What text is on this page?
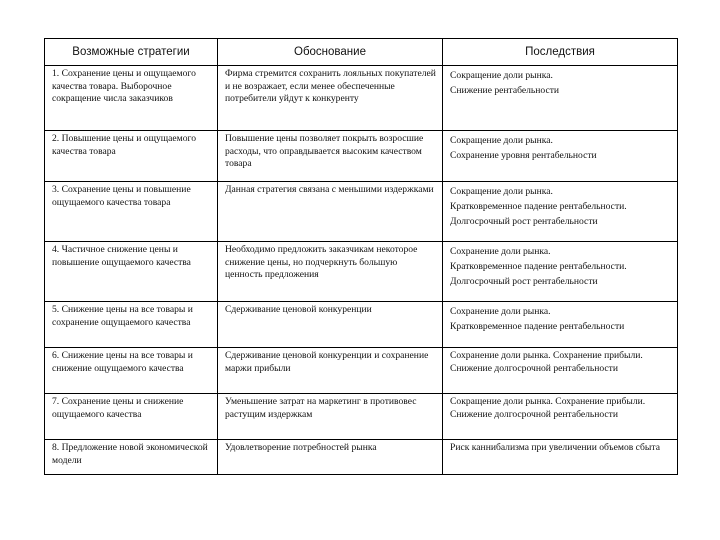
Возможные стратегии	Обоснование	Последствия
1. Сохранение цены и ощущаемого качества товара. Выборочное сокращение числа заказчиков	Фирма стремится сохранить лояльных покупателей и не возражает, если менее обеспеченные потребители уйдут к конкуренту	Сокращение доли рынка.
Снижение рентабельности

2. Повышение цены и ощущаемого качества товара	Повышение цены позволяет покрыть возросшие расходы, что оправдывается высоким качеством товара	Сокращение доли рынка.
Сохранение уровня рентабельности

3. Сохранение цены и повышение ощущаемого качества товара	Данная стратегия связана с меньшими издержками	Сокращение доли рынка.
Кратковременное падение рентабельности.
Долгосрочный рост рентабельности

4. Частичное снижение цены и повышение ощущаемого качества	Необходимо предложить заказчикам некоторое снижение цены, но подчеркнуть большую ценность предложения	Сохранение доли рынка.
Кратковременное падение рентабельности.
Долгосрочный рост рентабельности

5. Снижение цены на все товары и сохранение ощущаемого качества	Сдерживание ценовой конкуренции	Сохранение доли рынка.
Кратковременное падение рентабельности

6. Снижение цены на все товары и снижение ощущаемого качества	Сдерживание ценовой конкуренции и сохранение маржи прибыли	Сохранение доли рынка. Сохранение прибыли. Снижение долгосрочной рентабельности

7. Сохранение цены и снижение ощущаемого качества	Уменьшение затрат на маркетинг в противовес растущим издержкам	Сокращение доли рынка. Сохранение прибыли. Снижение долгосрочной рентабельности

8. Предложение новой экономической модели	Удовлетворение потребностей рынка	Риск каннибализма при увеличении объемов сбыта
